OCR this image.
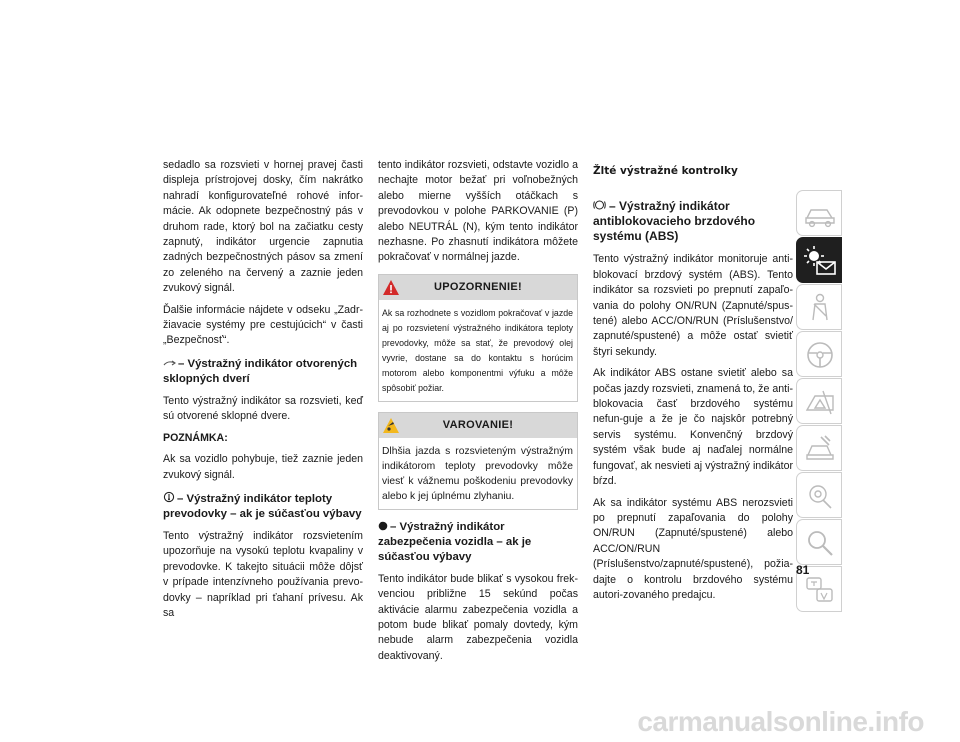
sedadlo sa rozsvieti v hornej pravej časti displeja prístrojovej dosky, čím nakrátko nahradí konfigurovateľné rohové infor-mácie. Ak odopnete bezpečnostný pás v druhom rade, ktorý bol na začiatku cesty zapnutý, indikátor urgencie zapnutia zadných bezpečnostných pásov sa zmení zo zeleného na červený a zaznie jeden zvukový signál.

Ďalšie informácie nájdete v odseku „Zadr-žiavacie systémy pre cestujúcich“ v časti „Bezpečnosť“.

– Výstražný indikátor otvorených sklopných dverí

Tento výstražný indikátor sa rozsvieti, keď sú otvorené sklopné dvere.

POZNÁMKA:

Ak sa vozidlo pohybuje, tiež zaznie jeden zvukový signál.

– Výstražný indikátor teploty prevodovky – ak je súčasťou výbavy

Tento výstražný indikátor rozsvietením upozorňuje na vysokú teplotu kvapaliny v prevodovke. K takejto situácii môže dôjsť v prípade intenzívneho používania prevo-dovky – napríklad pri ťahaní prívesu. Ak sa

tento indikátor rozsvieti, odstavte vozidlo a nechajte motor bežať pri voľnobežných alebo mierne vyšších otáčkach s prevodovkou v polohe PARKOVANIE (P) alebo NEUTRÁL (N), kým tento indikátor nezhasne. Po zhasnutí indikátora môžete pokračovať v normálnej jazde.

UPOZORNENIE!
Ak sa rozhodnete s vozidlom pokračovať v jazde aj po rozsvietení výstražného indikátora teploty prevodovky, môže sa stať, že prevodový olej vyvrie, dostane sa do kontaktu s horúcim motorom alebo komponentmi výfuku a môže spôsobiť požiar.
VAROVANIE!
Dlhšia jazda s rozsvieteným výstražným indikátorom teploty prevodovky môže viesť k vážnemu poškodeniu prevodovky alebo k jej úplnému zlyhaniu.
– Výstražný indikátor zabezpečenia vozidla – ak je súčasťou výbavy

Tento indikátor bude blikať s vysokou frek-venciou približne 15 sekúnd počas aktivácie alarmu zabezpečenia vozidla a potom bude blikať pomaly dovtedy, kým nebude alarm zabezpečenia vozidla deaktivovaný.

Žlté výstražné kontrolky
– Výstražný indikátor antiblokovacieho brzdového systému (ABS)

Tento výstražný indikátor monitoruje anti-blokovací brzdový systém (ABS). Tento indikátor sa rozsvieti po prepnutí zapaľo-vania do polohy ON/RUN (Zapnuté/spus-tené) alebo ACC/ON/RUN (Príslušenstvo/ zapnuté/spustené) a môže ostať svietiť štyri sekundy.

Ak indikátor ABS ostane svietiť alebo sa počas jazdy rozsvieti, znamená to, že anti-blokovacia časť brzdového systému nefun-guje a že je čo najskôr potrebný servis systému. Konvenčný brzdový systém však bude aj naďalej normálne fungovať, ak nesvieti aj výstražný indikátor bŕzd.

Ak sa indikátor systému ABS nerozsvieti po prepnutí zapaľovania do polohy ON/RUN (Zapnuté/spustené) alebo ACC/ON/RUN (Príslušenstvo/zapnuté/spustené), požia-dajte o kontrolu brzdového systému autori-zovaného predajcu.

81
carmanualsonline.info
